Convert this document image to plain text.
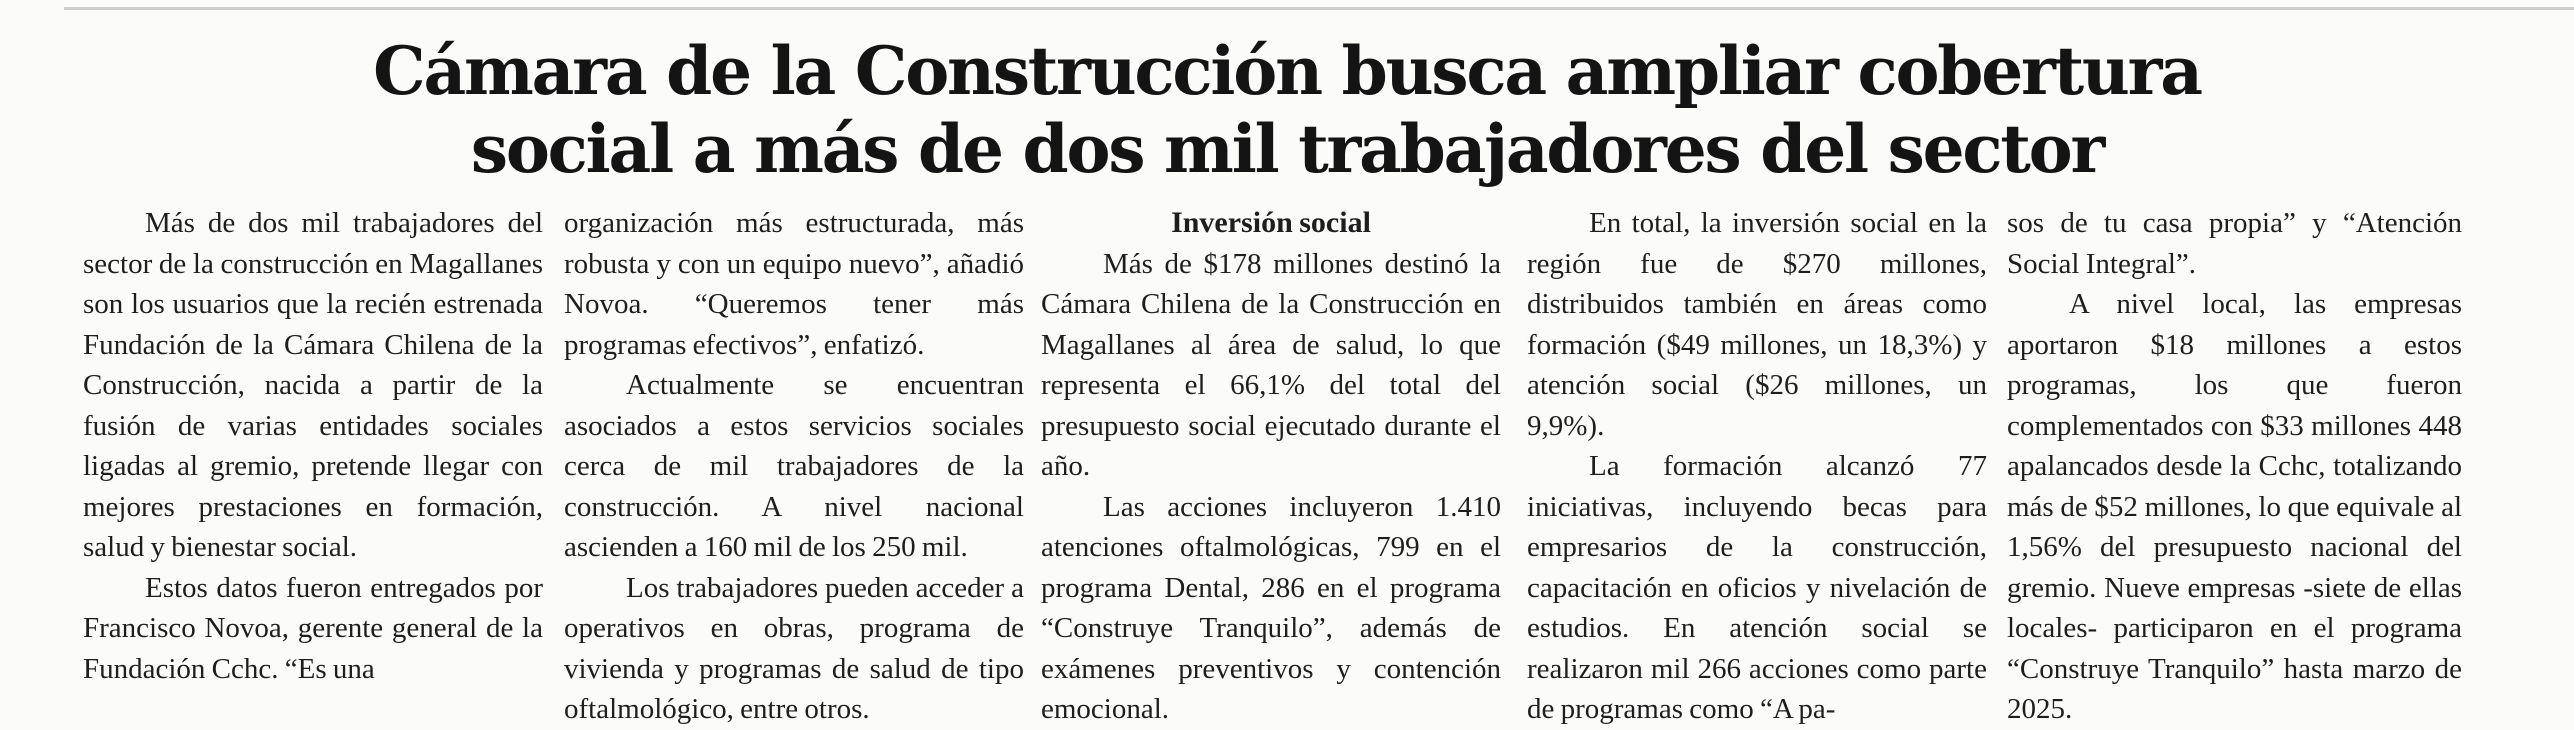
Cámara de la Construcción busca ampliar cobertura
social a más de dos mil trabajadores del sector

Más de dos mil trabajadores del sector de la construcción en Magallanes son los usuarios que la recién estrenada Fundación de la Cámara Chilena de la Construcción, nacida a partir de la fusión de varias entidades sociales ligadas al gremio, pretende llegar con mejores prestaciones en formación, salud y bienestar social.

Estos datos fueron entregados por Francisco Novoa, gerente general de la Fundación Cchc. “Es una

organización más estructurada, más robusta y con un equipo nuevo”, añadió Novoa. “Queremos tener más programas efectivos”, enfatizó.

Actualmente se encuentran asociados a estos servicios sociales cerca de mil trabajadores de la construcción. A nivel nacional ascienden a 160 mil de los 250 mil.

Los trabajadores pueden acceder a operativos en obras, programa de vivienda y programas de salud de tipo oftalmológico, entre otros.

Inversión social

Más de $178 millones destinó la Cámara Chilena de la Construcción en Magallanes al área de salud, lo que representa el 66,1% del total del presupuesto social ejecutado durante el año.

Las acciones incluyeron 1.410 atenciones oftalmológicas, 799 en el programa Dental, 286 en el programa “Construye Tranquilo”, además de exámenes preventivos y contención emocional.

En total, la inversión social en la región fue de $270 millones, distribuidos también en áreas como formación ($49 millones, un 18,3%) y atención social ($26 millones, un 9,9%).

La formación alcanzó 77 iniciativas, incluyendo becas para empresarios de la construcción, capacitación en oficios y nivelación de estudios. En atención social se realizaron mil 266 acciones como parte de programas como “A pa-

sos de tu casa propia” y “Atención Social Integral”.

A nivel local, las empresas aportaron $18 millones a estos programas, los que fueron complementados con $33 millones 448 apalancados desde la Cchc, totalizando más de $52 millones, lo que equivale al 1,56% del presupuesto nacional del gremio. Nueve empresas -siete de ellas locales- participaron en el programa “Construye Tranquilo” hasta marzo de 2025.
